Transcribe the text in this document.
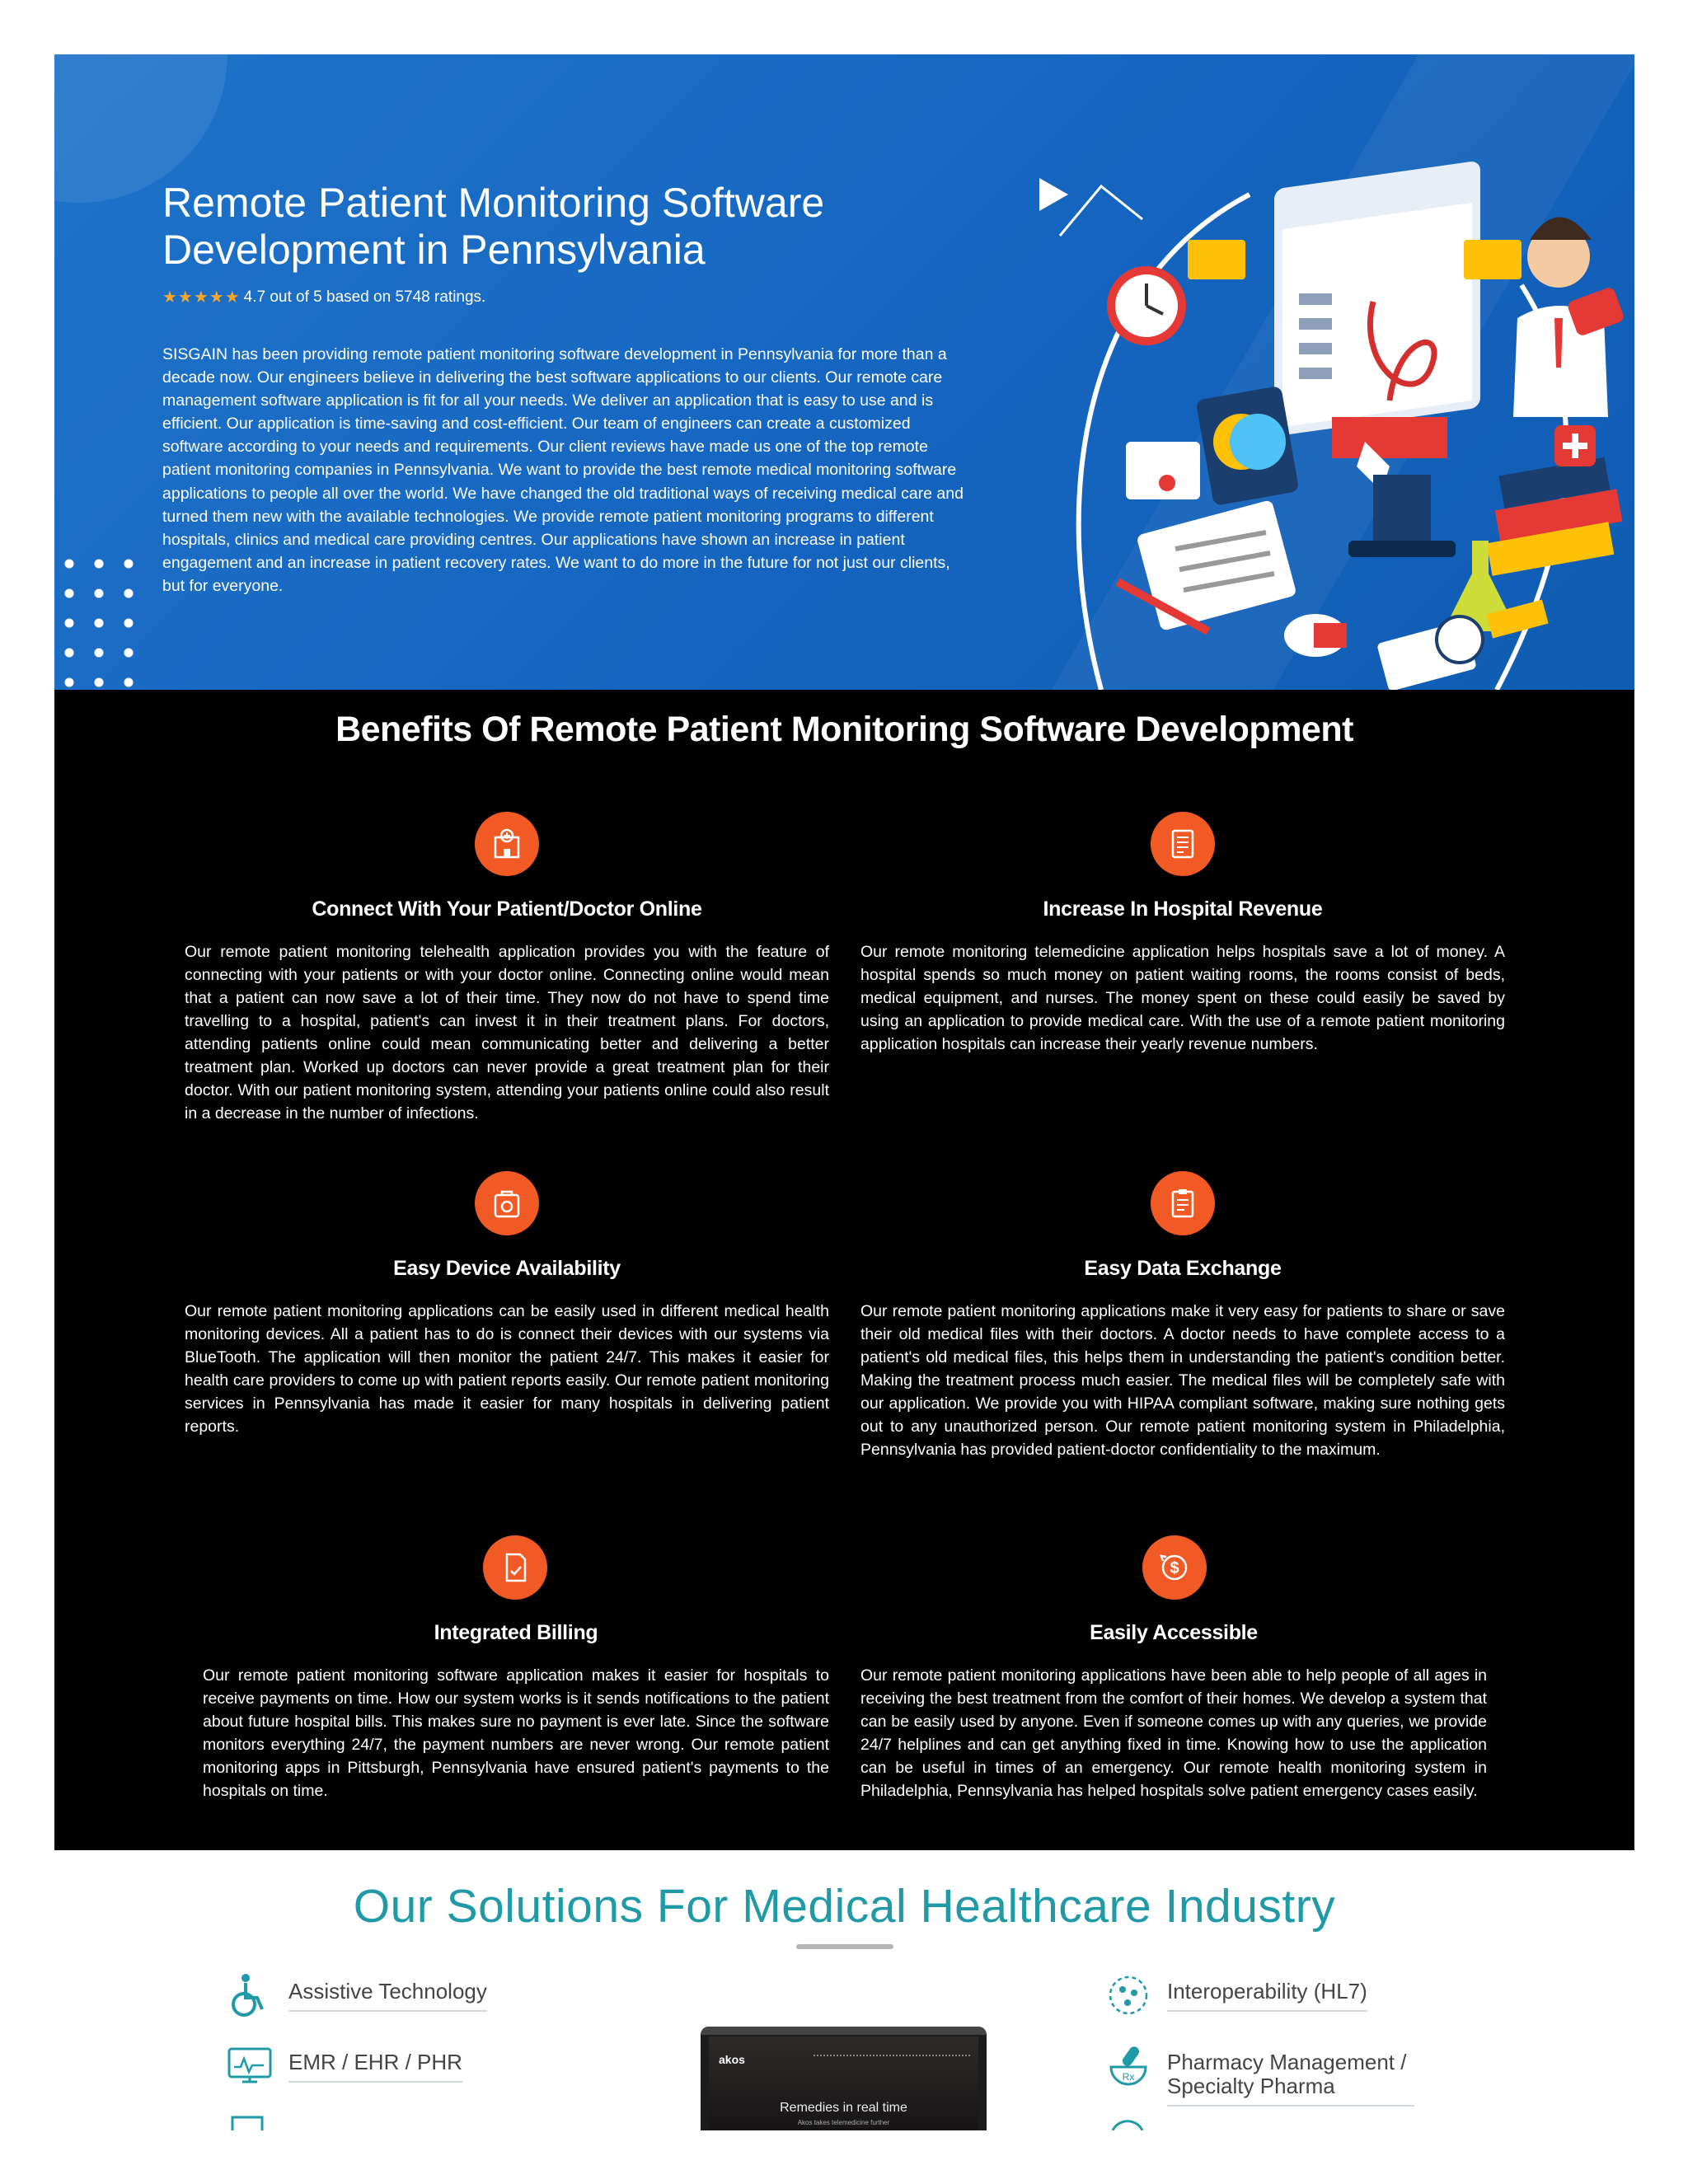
Remote Patient Monitoring Software Development in Pennsylvania
★★★★★ 4.7 out of 5 based on 5748 ratings.

SISGAIN has been providing remote patient monitoring software development in Pennsylvania for more than a decade now. Our engineers believe in delivering the best software applications to our clients. Our remote care management software application is fit for all your needs. We deliver an application that is easy to use and is efficient. Our application is time-saving and cost-efficient. Our team of engineers can create a customized software according to your needs and requirements. Our client reviews have made us one of the top remote patient monitoring companies in Pennsylvania. We want to provide the best remote medical monitoring software applications to people all over the world. We have changed the old traditional ways of receiving medical care and turned them new with the available technologies. We provide remote patient monitoring programs to different hospitals, clinics and medical care providing centres. Our applications have shown an increase in patient engagement and an increase in patient recovery rates. We want to do more in the future for not just our clients, but for everyone.

Benefits Of Remote Patient Monitoring Software Development
Connect With Your Patient/Doctor Online

Our remote patient monitoring telehealth application provides you with the feature of connecting with your patients or with your doctor online. Connecting online would mean that a patient can now save a lot of their time. They now do not have to spend time travelling to a hospital, patient's can invest it in their treatment plans. For doctors, attending patients online could mean communicating better and delivering a better treatment plan. Worked up doctors can never provide a great treatment plan for their doctor. With our patient monitoring system, attending your patients online could also result in a decrease in the number of infections.

Increase In Hospital Revenue

Our remote monitoring telemedicine application helps hospitals save a lot of money. A hospital spends so much money on patient waiting rooms, the rooms consist of beds, medical equipment, and nurses. The money spent on these could easily be saved by using an application to provide medical care. With the use of a remote patient monitoring application hospitals can increase their yearly revenue numbers.

Easy Device Availability

Our remote patient monitoring applications can be easily used in different medical health monitoring devices. All a patient has to do is connect their devices with our systems via BlueTooth. The application will then monitor the patient 24/7. This makes it easier for health care providers to come up with patient reports easily. Our remote patient monitoring services in Pennsylvania has made it easier for many hospitals in delivering patient reports.

Easy Data Exchange

Our remote patient monitoring applications make it very easy for patients to share or save their old medical files with their doctors. A doctor needs to have complete access to a patient's old medical files, this helps them in understanding the patient's condition better. Making the treatment process much easier. The medical files will be completely safe with our application. We provide you with HIPAA compliant software, making sure nothing gets out to any unauthorized person. Our remote patient monitoring system in Philadelphia, Pennsylvania has provided patient-doctor confidentiality to the maximum.

Integrated Billing

Our remote patient monitoring software application makes it easier for hospitals to receive payments on time. How our system works is it sends notifications to the patient about future hospital bills. This makes sure no payment is ever late. Since the software monitors everything 24/7, the payment numbers are never wrong. Our remote patient monitoring apps in Pittsburgh, Pennsylvania have ensured patient's payments to the hospitals on time.

$
Easily Accessible

Our remote patient monitoring applications have been able to help people of all ages in receiving the best treatment from the comfort of their homes. We develop a system that can be easily used by anyone. Even if someone comes up with any queries, we provide 24/7 helplines and can get anything fixed in time. Knowing how to use the application can be useful in times of an emergency. Our remote health monitoring system in Philadelphia, Pennsylvania has helped hospitals solve patient emergency cases easily.

Our Solutions For Medical Healthcare Industry
Assistive Technology
EMR / EHR / PHR	akos
Remedies in real time
Akos takes telemedicine further
Interoperability (HL7)
Rx
Pharmacy Management / Specialty Pharma
